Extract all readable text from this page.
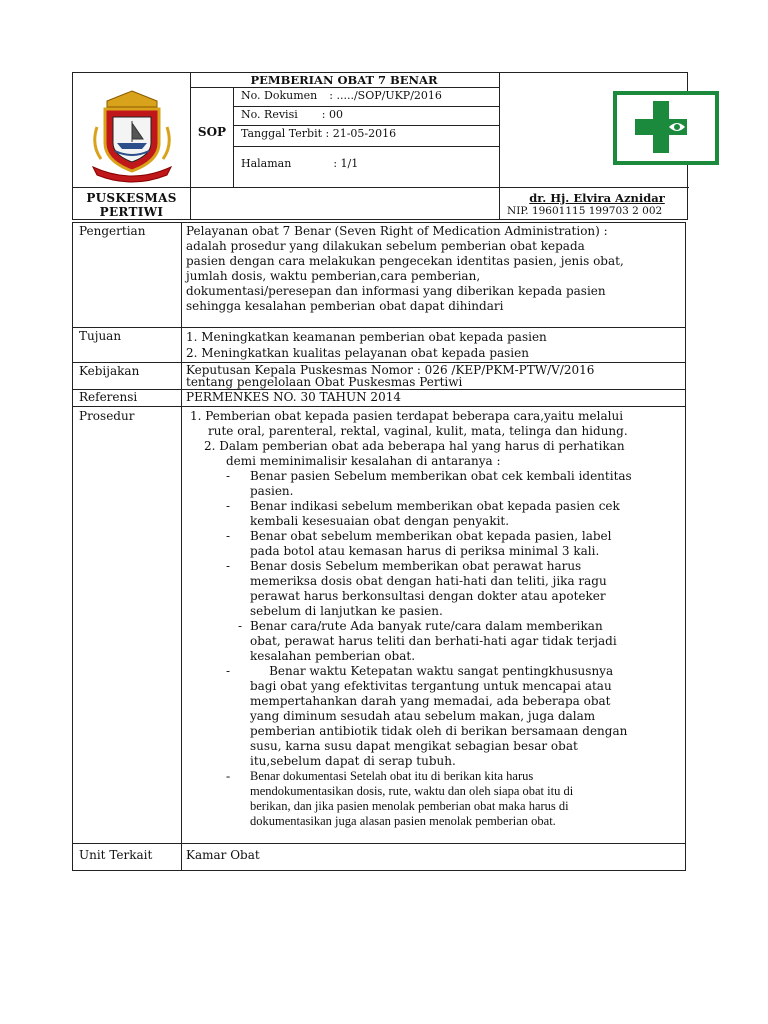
PUSKESMAS
PERTIWI
PEMBERIAN OBAT 7 BENAR
SOP
No. Dokumen : ...../SOP/UKP/2016
No. Revisi : 00
Tanggal Terbit : 21-05-2016
Halaman	: 1/1
dr. Hj. Elvira Aznidar
NIP. 19601115 199703 2 002
Pengertian	Pelayanan obat 7 Benar (Seven Right of Medication Administration) :

adalah prosedur yang dilakukan sebelum pemberian obat kepada

pasien dengan cara melakukan pengecekan identitas pasien, jenis obat,

jumlah dosis, waktu pemberian,cara pemberian,

dokumentasi/peresepan dan informasi yang diberikan kepada pasien

sehingga kesalahan pemberian obat dapat dihindari

Tujuan	1. Meningkatkan keamanan pemberian obat kepada pasien

2. Meningkatkan kualitas pelayanan obat kepada pasien

Kebijakan	Keputusan Kepala Puskesmas Nomor : 026 /KEP/PKM-PTW/V/2016

tentang pengelolaan Obat Puskesmas Pertiwi

Referensi	PERMENKES NO. 30 TAHUN 2014
Prosedur	1. Pemberian obat kepada pasien terdapat beberapa cara,yaitu melalui

rute oral, parenteral, rektal, vaginal, kulit, mata, telinga dan hidung.

2. Dalam pemberian obat ada beberapa hal yang harus di perhatikan

demi meminimalisir kesalahan di antaranya :

- Benar pasien Sebelum memberikan obat cek kembali identitas
pasien.
- Benar indikasi sebelum memberikan obat kepada pasien cek
kembali kesesuaian obat dengan penyakit.
- Benar obat sebelum memberikan obat kepada pasien, label
pada botol atau kemasan harus di periksa minimal 3 kali.
- Benar dosis Sebelum memberikan obat perawat harus
memeriksa dosis obat dengan hati-hati dan teliti, jika ragu
perawat harus berkonsultasi dengan dokter atau apoteker
sebelum di lanjutkan ke pasien.
- Benar cara/rute Ada banyak rute/cara dalam memberikan
obat, perawat harus teliti dan berhati-hati agar tidak terjadi
kesalahan pemberian obat.
- Benar waktu Ketepatan waktu sangat pentingkhususnya
bagi obat yang efektivitas tergantung untuk mencapai atau
mempertahankan darah yang memadai, ada beberapa obat
yang diminum sesudah atau sebelum makan, juga dalam
pemberian antibiotik tidak oleh di berikan bersamaan dengan
susu, karna susu dapat mengikat sebagian besar obat
itu,sebelum dapat di serap tubuh.
- Benar dokumentasi Setelah obat itu di berikan kita harus
mendokumentasikan dosis, rute, waktu dan oleh siapa obat itu di
berikan, dan jika pasien menolak pemberian obat maka harus di
dokumentasikan juga alasan pasien menolak pemberian obat.
Unit Terkait	Kamar Obat
